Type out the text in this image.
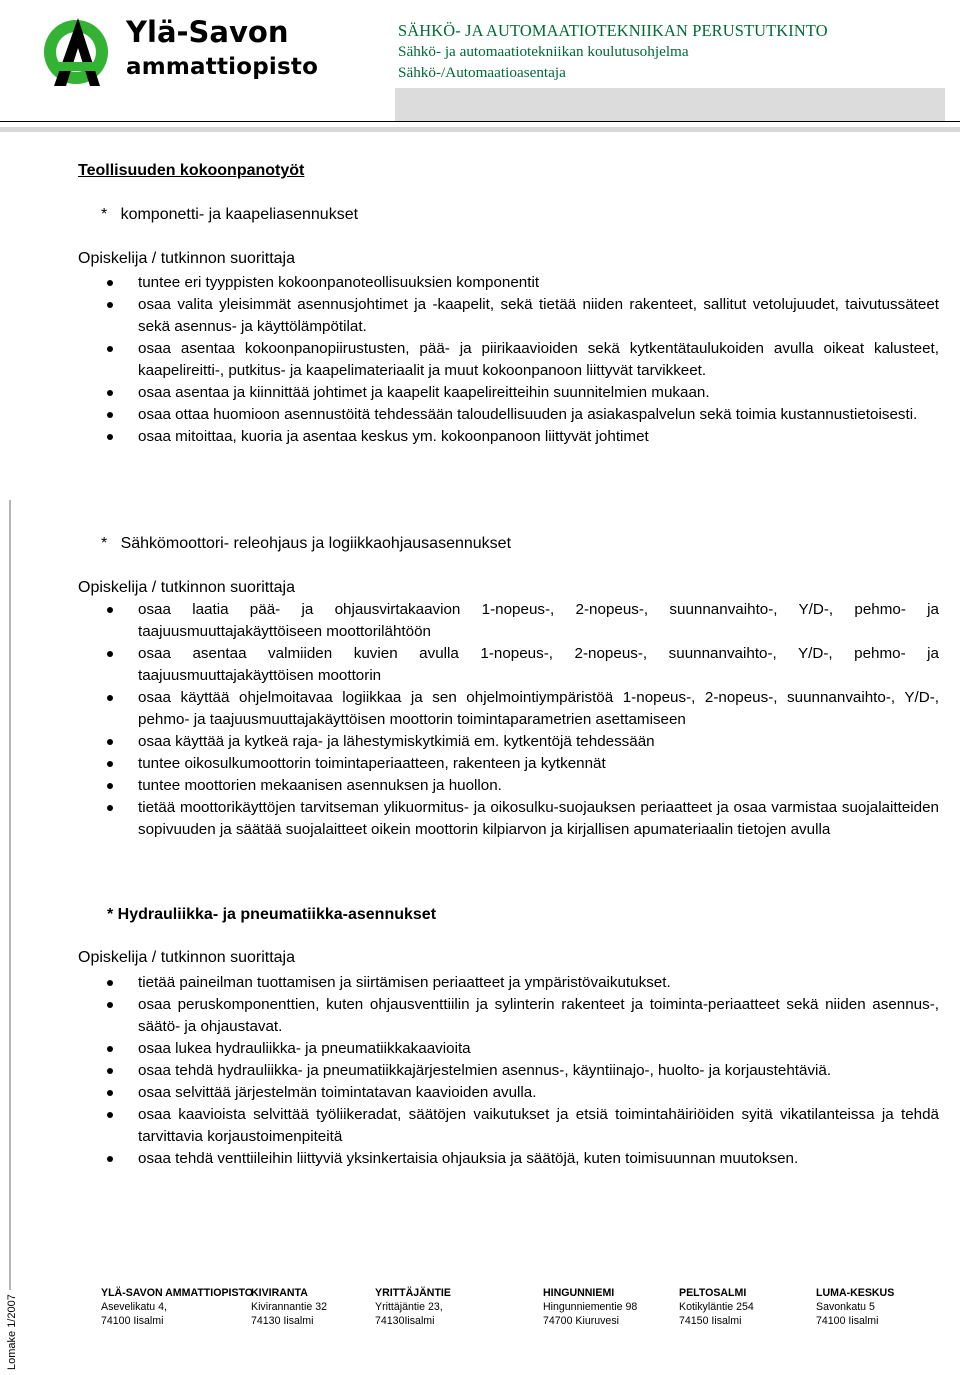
Ylä-Savon
ammattiopisto
SÄHKÖ- JA AUTOMAATIOTEKNIIKAN PERUSTUTKINTO
Sähkö- ja automaatiotekniikan koulutusohjelma
Sähkö-/Automaatioasentaja
Teollisuuden kokoonpanotyöt
*   komponetti- ja kaapeliasennukset
Opiskelija / tutkinnon suorittaja
tuntee eri tyyppisten kokoonpanoteollisuuksien komponentit
osaa valita yleisimmät asennusjohtimet ja -kaapelit, sekä tietää niiden rakenteet, sallitut vetolujuudet, taivutussäteet sekä asennus- ja käyttölämpötilat.
osaa asentaa kokoonpanopiirustusten, pää- ja piirikaavioiden sekä kytkentätaulukoiden avulla oikeat kalusteet, kaapelireitti-, putkitus- ja kaapelimateriaalit ja muut kokoonpanoon liittyvät tarvikkeet.
osaa asentaa ja kiinnittää johtimet ja kaapelit kaapelireitteihin suunnitelmien mukaan.
osaa ottaa huomioon asennustöitä tehdessään taloudellisuuden ja asiakaspalvelun sekä toimia kustannustietoisesti.
osaa mitoittaa, kuoria ja asentaa keskus ym. kokoonpanoon liittyvät johtimet
*   Sähkömoottori- releohjaus ja logiikkaohjausasennukset
Opiskelija / tutkinnon suorittaja
osaa laatia pää- ja ohjausvirtakaavion 1-nopeus-, 2-nopeus-, suunnanvaihto-, Y/D-, pehmo- ja taajuusmuuttajakäyttöiseen moottorilähtöön
osaa asentaa valmiiden kuvien avulla 1-nopeus-, 2-nopeus-, suunnanvaihto-, Y/D-, pehmo- ja taajuusmuuttajakäyttöisen moottorin
osaa käyttää ohjelmoitavaa logiikkaa ja sen ohjelmointiympäristöä 1-nopeus-, 2-nopeus-, suunnanvaihto-, Y/D-, pehmo- ja taajuusmuuttajakäyttöisen moottorin toimintaparametrien asettamiseen
osaa käyttää ja kytkeä raja- ja lähestymiskytkimiä em. kytkentöjä tehdessään
tuntee oikosulkumoottorin toimintaperiaatteen, rakenteen ja kytkennät
tuntee moottorien mekaanisen asennuksen ja huollon.
tietää moottorikäyttöjen tarvitseman ylikuormitus- ja oikosulku-suojauksen periaatteet ja osaa varmistaa suojalaitteiden sopivuuden ja säätää suojalaitteet oikein moottorin kilpiarvon ja kirjallisen apumateriaalin tietojen avulla
* Hydrauliikka- ja pneumatiikka-asennukset
Opiskelija / tutkinnon suorittaja
tietää paineilman tuottamisen ja siirtämisen periaatteet ja ympäristövaikutukset.
osaa peruskomponenttien, kuten ohjausventtiilin ja sylinterin rakenteet ja toiminta-periaatteet sekä niiden asennus-, säätö- ja ohjaustavat.
osaa lukea hydrauliikka- ja pneumatiikkakaavioita
osaa tehdä hydrauliikka- ja pneumatiikkajärjestelmien asennus-, käyntiinajo-, huolto- ja korjaustehtäviä.
osaa selvittää järjestelmän toimintatavan kaavioiden avulla.
osaa kaavioista selvittää työliikeradat, säätöjen vaikutukset ja etsiä toimintahäiriöiden syitä vikatilanteissa ja tehdä tarvittavia korjaustoimenpiteitä
osaa tehdä venttiileihin liittyviä yksinkertaisia ohjauksia ja säätöjä, kuten toimisuunnan muutoksen.
Lomake 1/2007
YLÄ-SAVON AMMATTIOPISTO
Asevelikatu 4,
74100 Iisalmi
KIVIRANTA
Kivirannantie 32
74130 Iisalmi
YRITTÄJÄNTIE
Yrittäjäntie 23,
74130Iisalmi
HINGUNNIEMI
Hingunniementie 98
74700 Kiuruvesi
PELTOSALMI
Kotikyläntie 254
74150 Iisalmi
LUMA-KESKUS
Savonkatu 5
74100 Iisalmi
